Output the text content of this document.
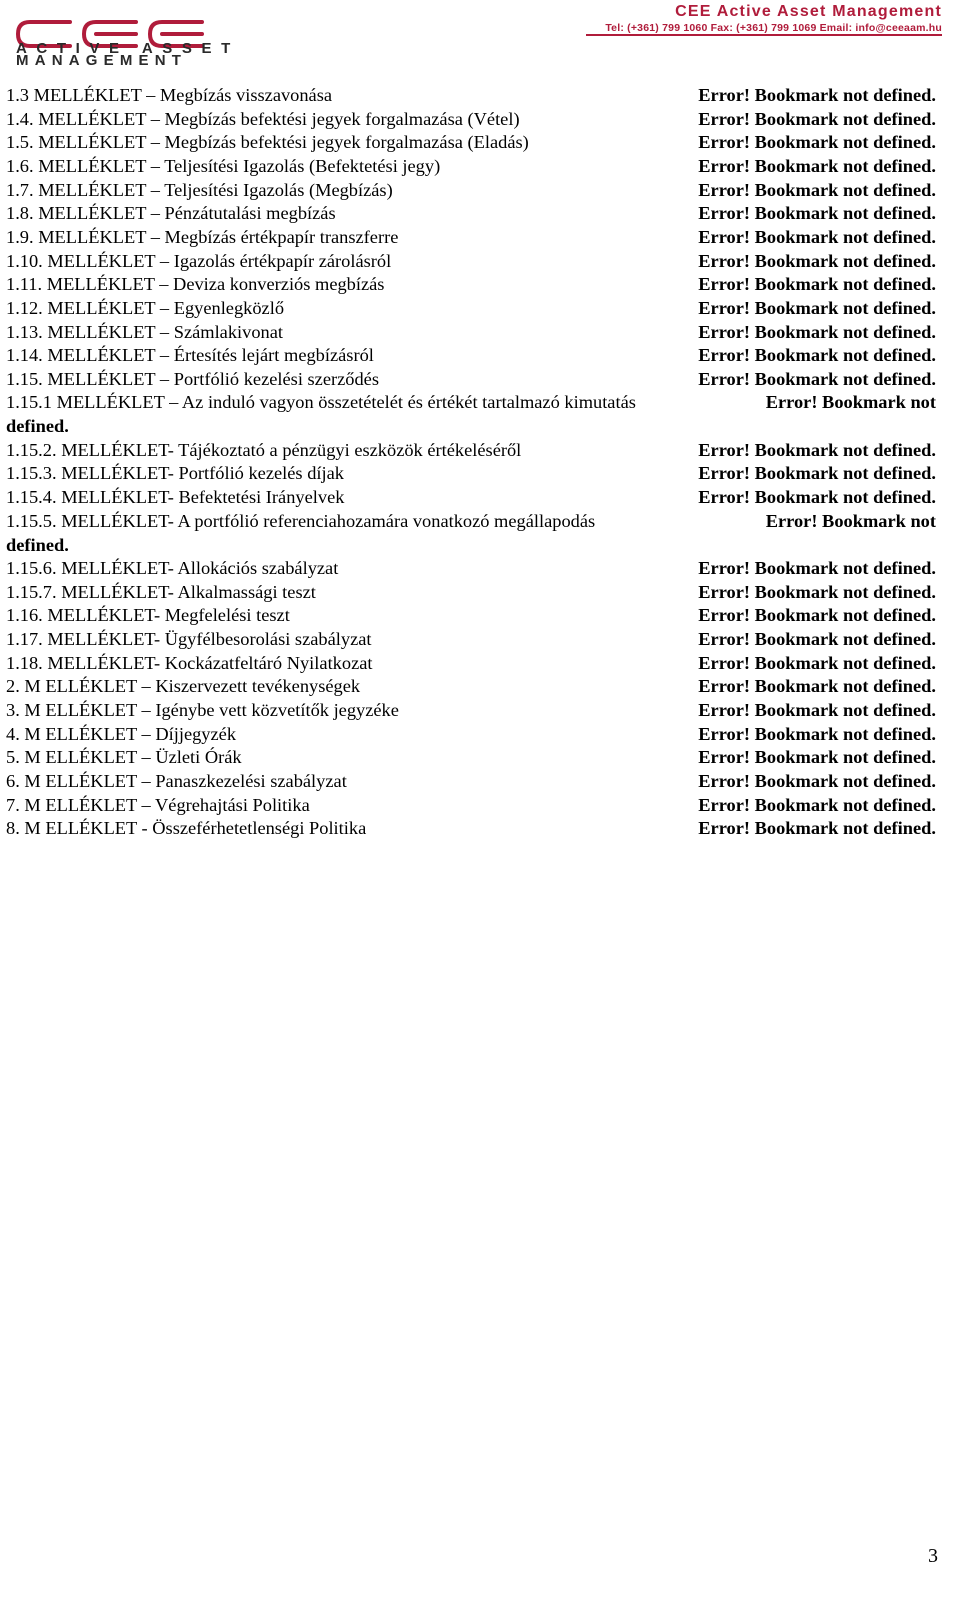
ACTIVE ASSET
MANAGEMENT
CEE Active Asset Management
Tel: (+361) 799 1060 Fax: (+361) 799 1069 Email: info@ceeaam.hu
1.3 MELLÉKLET – Megbízás visszavonása	Error! Bookmark not defined.
1.4. MELLÉKLET – Megbízás befektési jegyek forgalmazása (Vétel)	Error! Bookmark not defined.
1.5. MELLÉKLET – Megbízás befektési jegyek forgalmazása (Eladás)	Error! Bookmark not defined.
1.6. MELLÉKLET – Teljesítési Igazolás (Befektetési jegy)	Error! Bookmark not defined.
1.7. MELLÉKLET – Teljesítési Igazolás (Megbízás)	Error! Bookmark not defined.
1.8. MELLÉKLET – Pénzátutalási megbízás	Error! Bookmark not defined.
1.9. MELLÉKLET – Megbízás értékpapír transzferre	Error! Bookmark not defined.
1.10. MELLÉKLET – Igazolás értékpapír zárolásról	Error! Bookmark not defined.
1.11. MELLÉKLET – Deviza konverziós megbízás	Error! Bookmark not defined.
1.12. MELLÉKLET – Egyenlegközlő	Error! Bookmark not defined.
1.13. MELLÉKLET – Számlakivonat	Error! Bookmark not defined.
1.14. MELLÉKLET – Értesítés lejárt megbízásról	Error! Bookmark not defined.
1.15. MELLÉKLET – Portfólió kezelési szerződés	Error! Bookmark not defined.
1.15.1 MELLÉKLET – Az induló vagyon összetételét és értékét tartalmazó kimutatás	Error! Bookmark not
defined.
1.15.2. MELLÉKLET- Tájékoztató a pénzügyi eszközök értékeléséről	Error! Bookmark not defined.
1.15.3. MELLÉKLET- Portfólió kezelés díjak	Error! Bookmark not defined.
1.15.4. MELLÉKLET- Befektetési Irányelvek	Error! Bookmark not defined.
1.15.5. MELLÉKLET- A portfólió referenciahozamára vonatkozó megállapodás	Error! Bookmark not
defined.
1.15.6. MELLÉKLET- Allokációs szabályzat	Error! Bookmark not defined.
1.15.7. MELLÉKLET- Alkalmassági teszt	Error! Bookmark not defined.
1.16. MELLÉKLET- Megfelelési teszt	Error! Bookmark not defined.
1.17. MELLÉKLET- Ügyfélbesorolási szabályzat	Error! Bookmark not defined.
1.18. MELLÉKLET- Kockázatfeltáró Nyilatkozat	Error! Bookmark not defined.
2. M ELLÉKLET – Kiszervezett tevékenységek	Error! Bookmark not defined.
3. M ELLÉKLET – Igénybe vett közvetítők jegyzéke	Error! Bookmark not defined.
4. M ELLÉKLET – Díjjegyzék	Error! Bookmark not defined.
5. M ELLÉKLET – Üzleti Órák	Error! Bookmark not defined.
6. M ELLÉKLET – Panaszkezelési szabályzat	Error! Bookmark not defined.
7. M ELLÉKLET – Végrehajtási Politika	Error! Bookmark not defined.
8. M ELLÉKLET - Összeférhetetlenségi Politika	Error! Bookmark not defined.
3
